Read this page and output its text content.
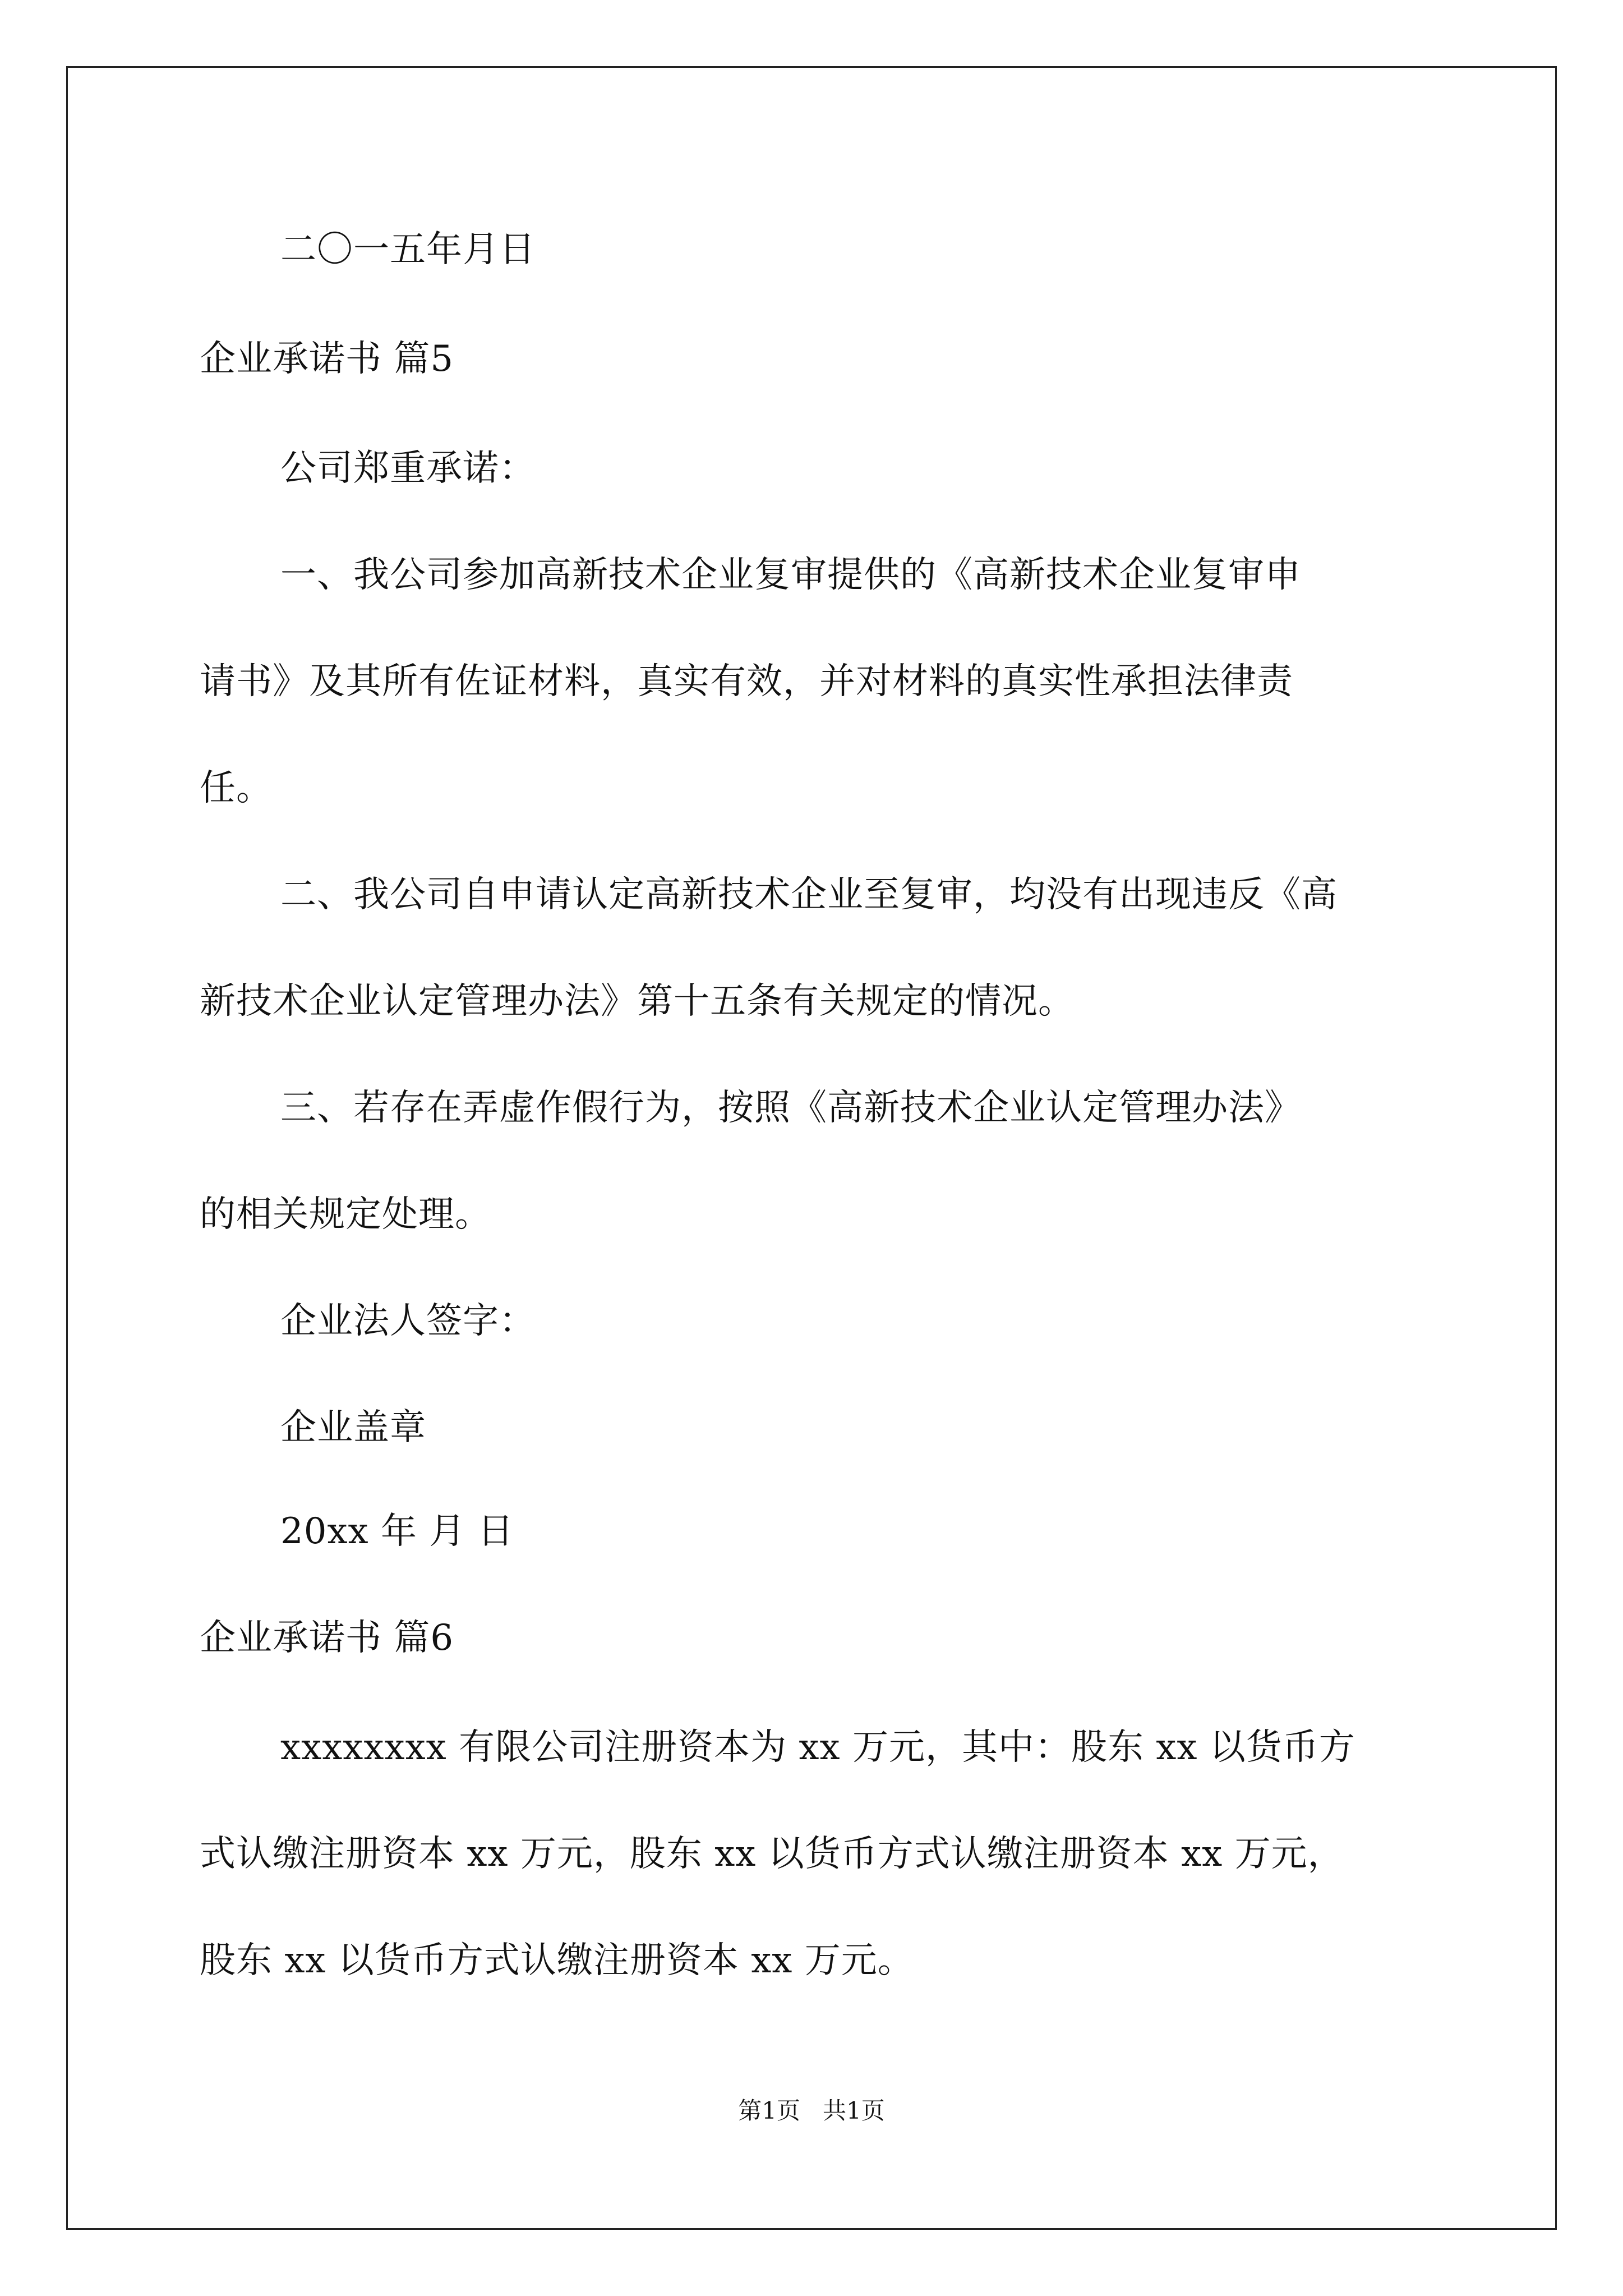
二〇一五年月日
企业承诺书 篇5
公司郑重承诺：
一、我公司参加高新技术企业复审提供的《高新技术企业复审申
请书》及其所有佐证材料，真实有效，并对材料的真实性承担法律责
任。
二、我公司自申请认定高新技术企业至复审，均没有出现违反《高
新技术企业认定管理办法》第十五条有关规定的情况。
三、若存在弄虚作假行为，按照《高新技术企业认定管理办法》
的相关规定处理。
企业法人签字：
企业盖章
20xx 年 月 日
企业承诺书 篇6
xxxxxxxx 有限公司注册资本为 xx 万元，其中：股东 xx 以货币方
式认缴注册资本 xx 万元，股东 xx 以货币方式认缴注册资本 xx 万元，
股东 xx 以货币方式认缴注册资本 xx 万元。
第1页   共1页
